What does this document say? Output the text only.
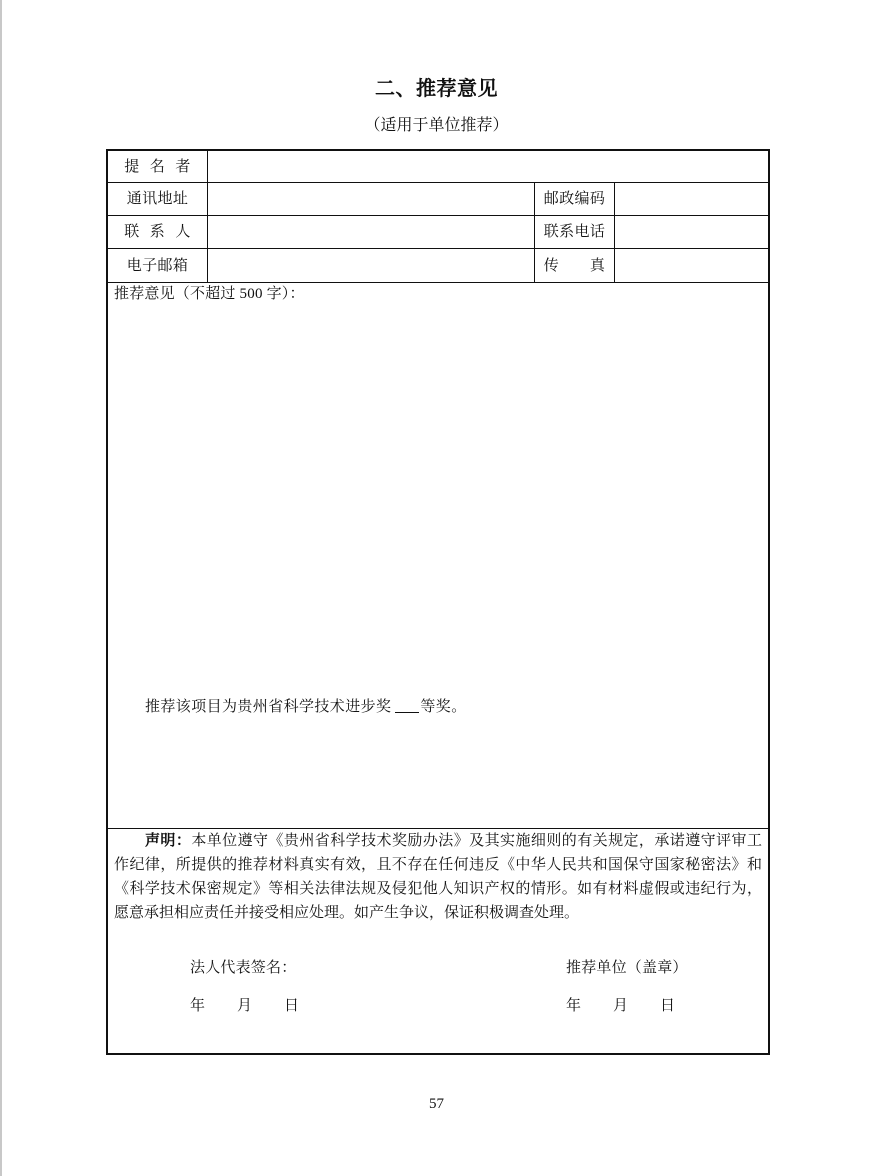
二、推荐意见
（适用于单位推荐）
提 名 者
通讯地址	邮政编码
联 系 人	联系电话
电子邮箱	传　　真
推荐意见（不超过 500 字）：
推荐该项目为贵州省科学技术进步奖 等奖。
声明：本单位遵守《贵州省科学技术奖励办法》及其实施细则的有关规定，承诺遵守评审工
作纪律，所提供的推荐材料真实有效，且不存在任何违反《中华人民共和国保守国家秘密法》和
《科学技术保密规定》等相关法律法规及侵犯他人知识产权的情形。如有材料虚假或违纪行为，
愿意承担相应责任并接受相应处理。如产生争议，保证积极调查处理。
法人代表签名：	推荐单位（盖章）
年 月 日	年 月 日
57
